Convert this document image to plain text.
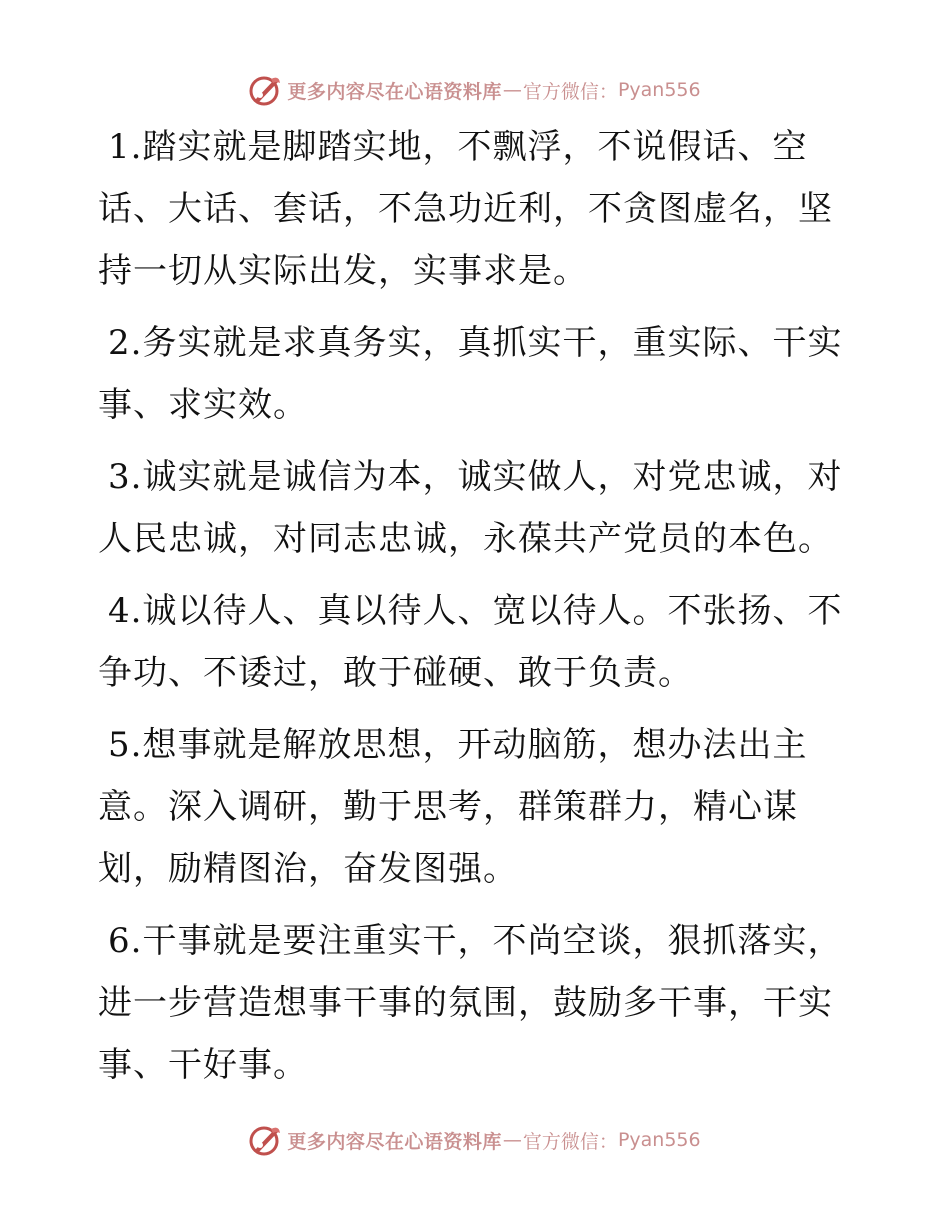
更多内容尽在心语资料库 — 官方微信： Pyan556

1.踏实就是脚踏实地，不飘浮，不说假话、空话、大话、套话，不急功近利，不贪图虚名，坚持一切从实际出发，实事求是。

2.务实就是求真务实，真抓实干，重实际、干实事、求实效。

3.诚实就是诚信为本，诚实做人，对党忠诚，对人民忠诚，对同志忠诚，永葆共产党员的本色。

4.诚以待人、真以待人、宽以待人。不张扬、不争功、不诿过，敢于碰硬、敢于负责。

5.想事就是解放思想，开动脑筋，想办法出主意。深入调研，勤于思考，群策群力，精心谋划，励精图治，奋发图强。

6.干事就是要注重实干，不尚空谈，狠抓落实，进一步营造想事干事的氛围，鼓励多干事，干实事、干好事。

更多内容尽在心语资料库 — 官方微信： Pyan556
